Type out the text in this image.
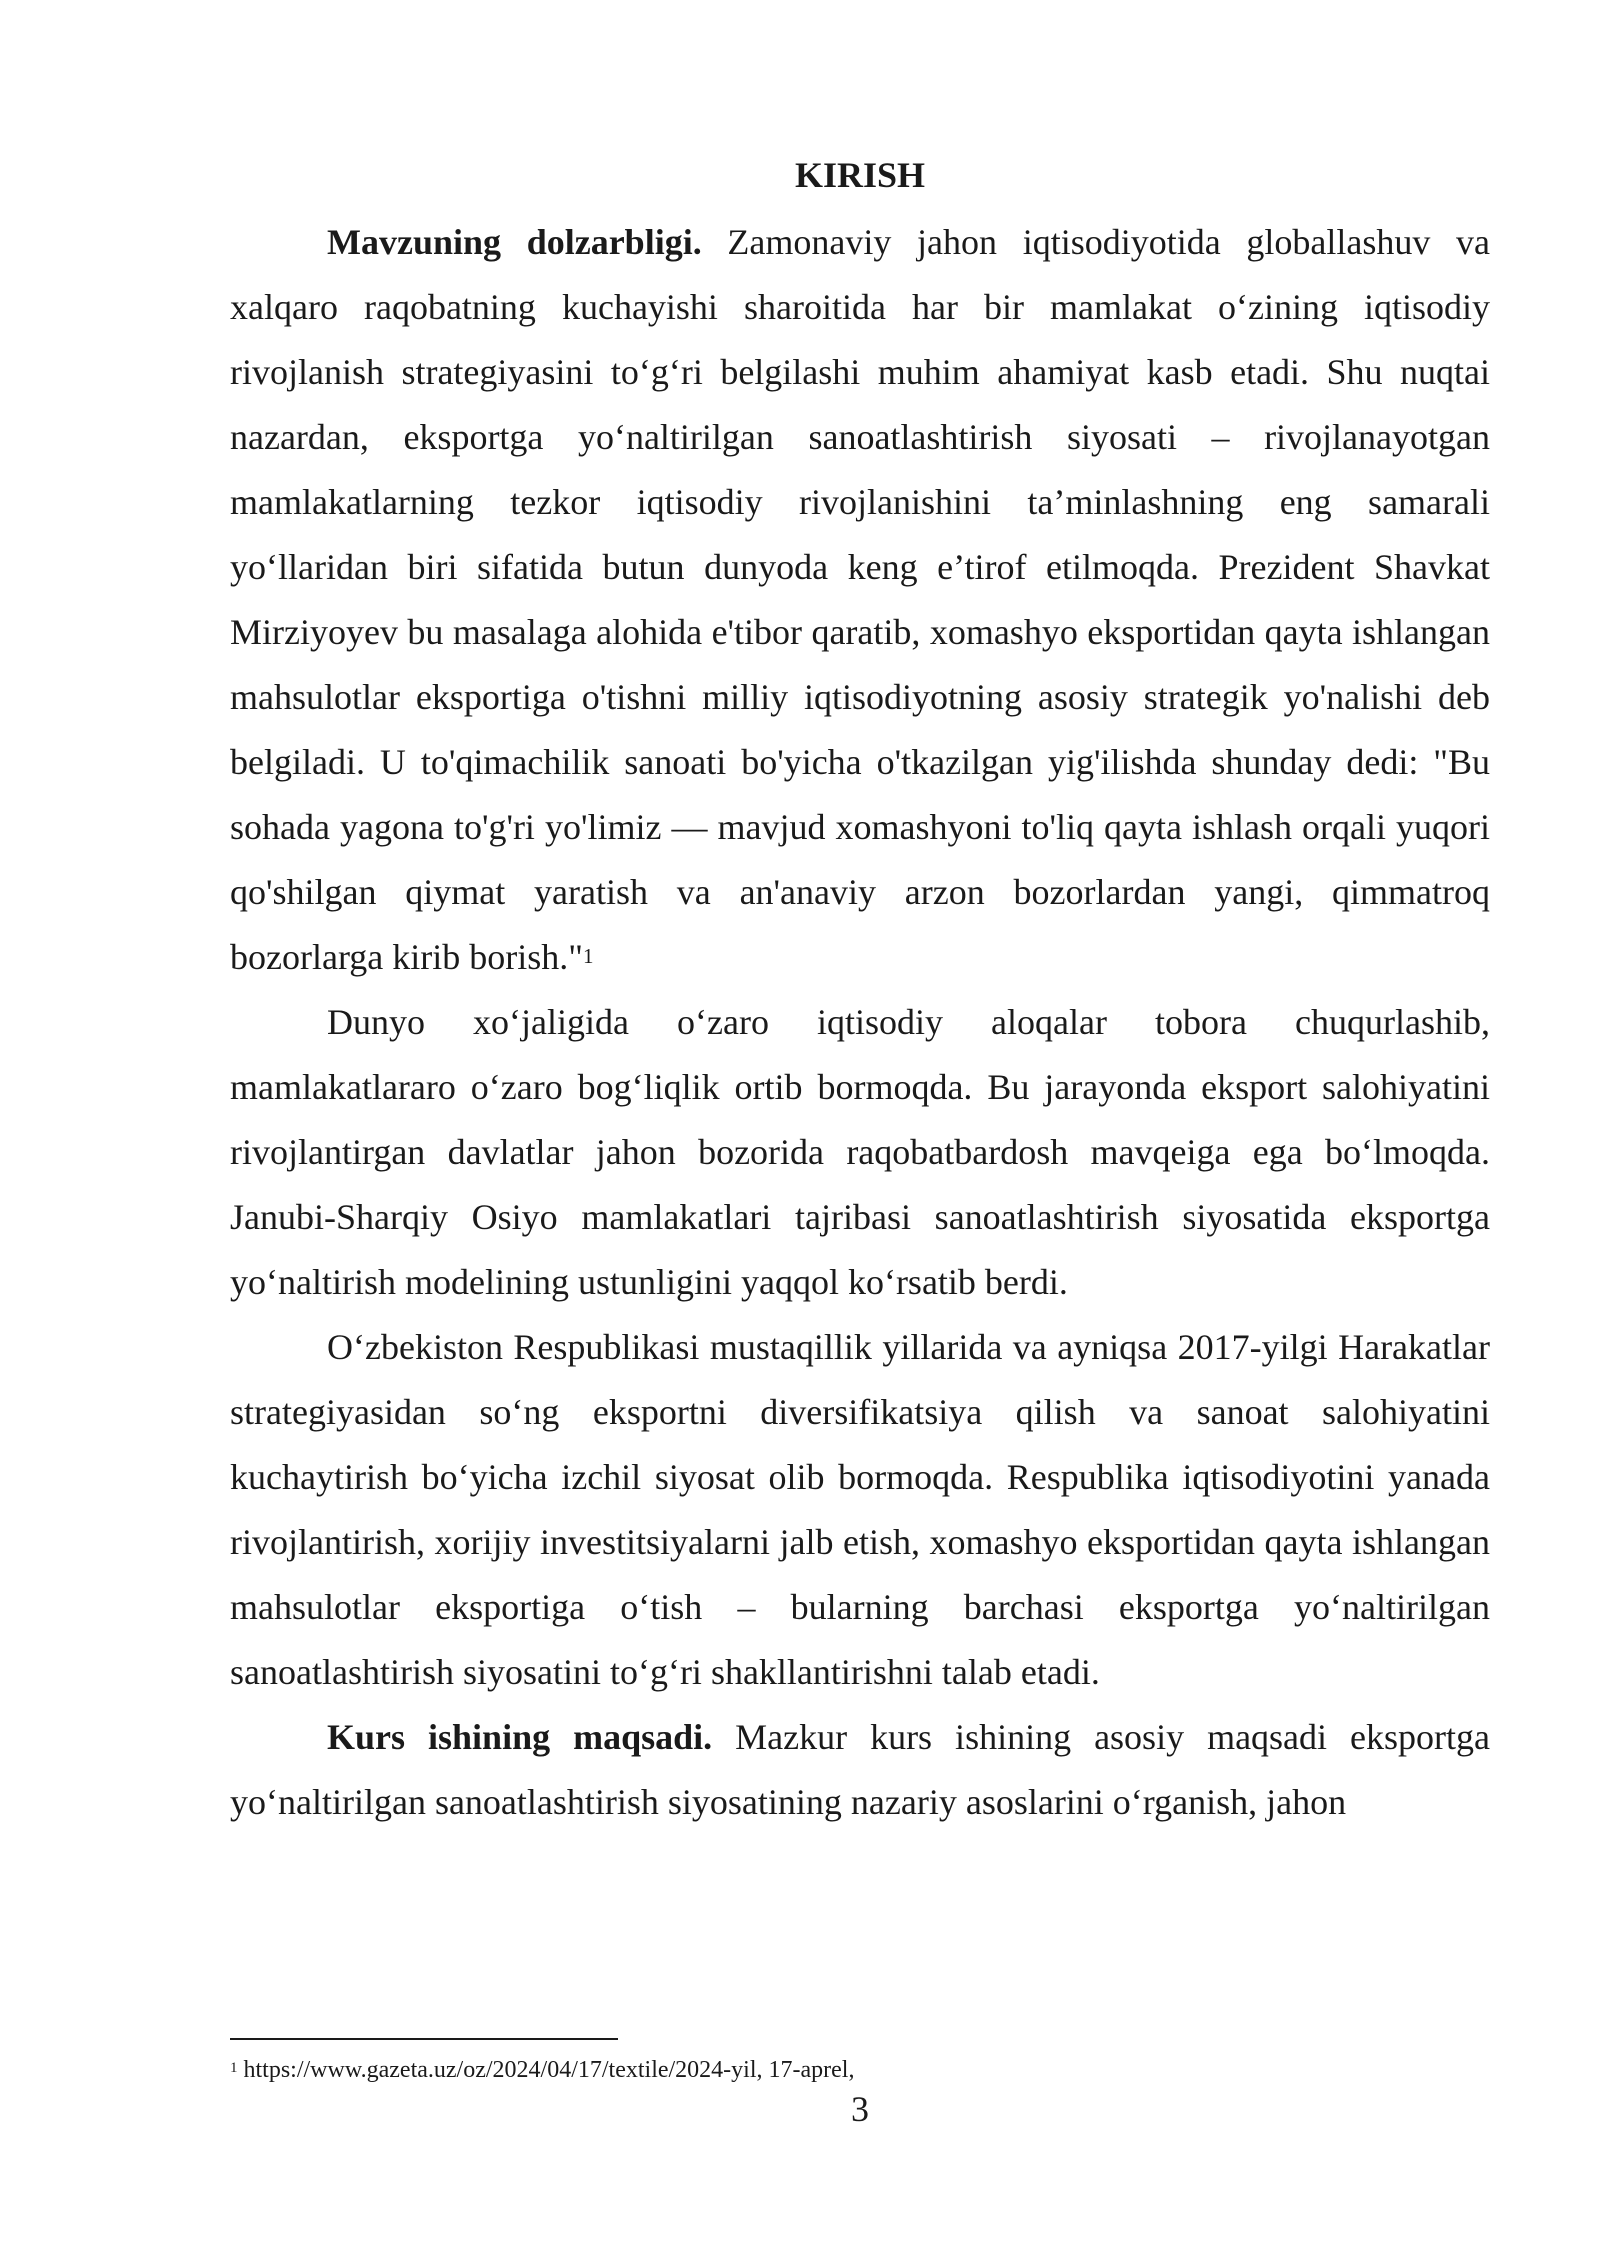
KIRISH

Mavzuning dolzarbligi. Zamonaviy jahon iqtisodiyotida globallashuv va xalqaro raqobatning kuchayishi sharoitida har bir mamlakat o‘zining iqtisodiy rivojlanish strategiyasini to‘g‘ri belgilashi muhim ahamiyat kasb etadi. Shu nuqtai nazardan, eksportga yo‘naltirilgan sanoatlashtirish siyosati – rivojlanayotgan mamlakatlarning tezkor iqtisodiy rivojlanishini ta’minlashning eng samarali yo‘llaridan biri sifatida butun dunyoda keng e’tirof etilmoqda. Prezident Shavkat Mirziyoyev bu masalaga alohida e'tibor qaratib, xomashyo eksportidan qayta ishlangan mahsulotlar eksportiga o'tishni milliy iqtisodiyotning asosiy strategik yo'nalishi deb belgiladi. U to'qimachilik sanoati bo'yicha o'tkazilgan yig'ilishda shunday dedi: "Bu sohada yagona to'g'ri yo'limiz — mavjud xomashyoni to'liq qayta ishlash orqali yuqori qo'shilgan qiymat yaratish va an'anaviy arzon bozorlardan yangi, qimmatroq bozorlarga kirib borish."$^1$

Dunyo xo‘jaligida o‘zaro iqtisodiy aloqalar tobora chuqurlashib, mamlakatlararo o‘zaro bog‘liqlik ortib bormoqda. Bu jarayonda eksport salohiyatini rivojlantirgan davlatlar jahon bozorida raqobatbardosh mavqeiga ega bo‘lmoqda. Janubi-Sharqiy Osiyo mamlakatlari tajribasi sanoatlashtirish siyosatida eksportga yo‘naltirish modelining ustunligini yaqqol ko‘rsatib berdi.

O‘zbekiston Respublikasi mustaqillik yillarida va ayniqsa 2017-yilgi Harakatlar strategiyasidan so‘ng eksportni diversifikatsiya qilish va sanoat salohiyatini kuchaytirish bo‘yicha izchil siyosat olib bormoqda. Respublika iqtisodiyotini yanada rivojlantirish, xorijiy investitsiyalarni jalb etish, xomashyo eksportidan qayta ishlangan mahsulotlar eksportiga o‘tish – bularning barchasi eksportga yo‘naltirilgan sanoatlashtirish siyosatini to‘g‘ri shakllantirishni talab etadi.

Kurs ishining maqsadi. Mazkur kurs ishining asosiy maqsadi eksportga yo‘naltirilgan sanoatlashtirish siyosatining nazariy asoslarini o‘rganish, jahon

$^1$ https://www.gazeta.uz/oz/2024/04/17/textile/2024-yil, 17-aprel,
3
